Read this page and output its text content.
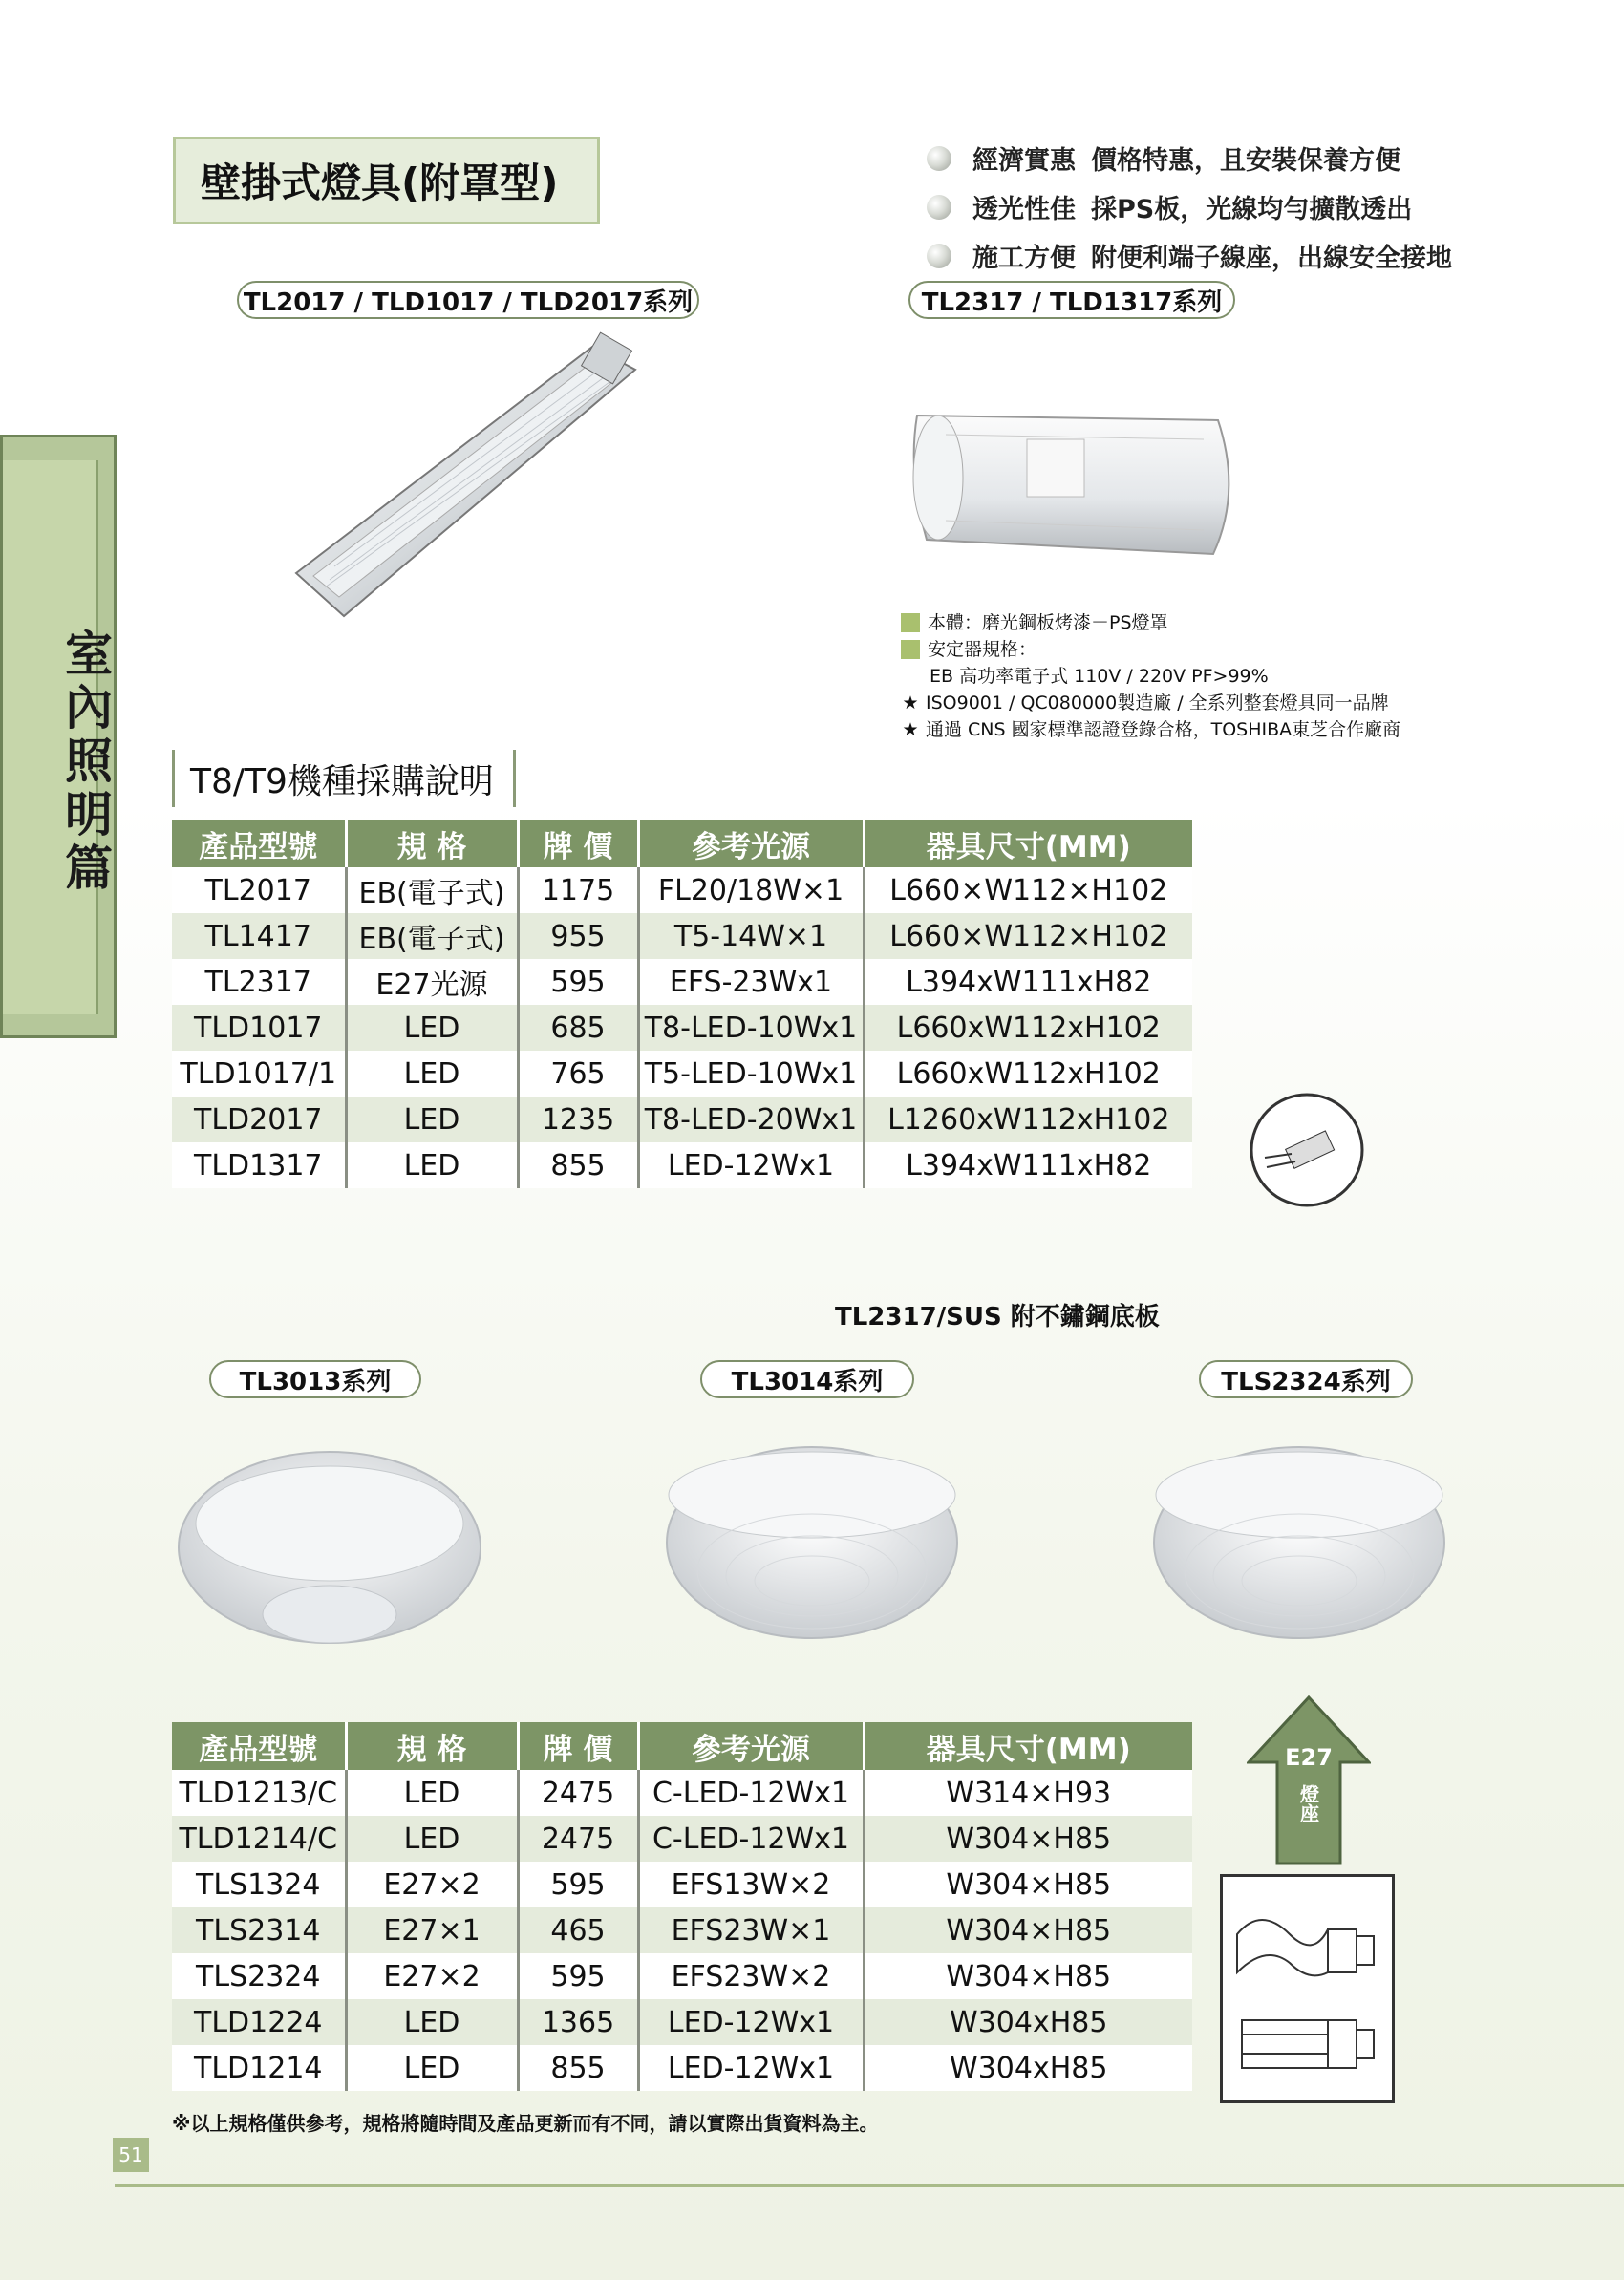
壁掛式燈具(附罩型)	經濟實惠 價格特惠，且安裝保養方便
透光性佳 採PS板，光線均勻擴散透出
施工方便 附便利端子線座，出線安全接地
TL2017 / TLD1017 / TLD2017系列	TL2317 / TLD1317系列
室內照明篇
本體：磨光鋼板烤漆＋PS燈罩
安定器規格：
EB 高功率電子式 110V / 220V PF>99%
★ ISO9001 / QC080000製造廠 / 全系列整套燈具同一品牌
★ 通過 CNS 國家標準認證登錄合格，TOSHIBA東芝合作廠商
T8/T9機種採購說明
產品型號	規 格	牌 價	參考光源	器具尺寸(MM)
TL2017	EB(電子式)	1175	FL20/18W×1	L660×W112×H102
TL1417	EB(電子式)	955	T5-14W×1	L660×W112×H102
TL2317	E27光源	595	EFS-23Wx1	L394xW111xH82
TLD1017	LED	685	T8-LED-10Wx1	L660xW112xH102
TLD1017/1	LED	765	T5-LED-10Wx1	L660xW112xH102
TLD2017	LED	1235	T8-LED-20Wx1	L1260xW112xH102
TLD1317	LED	855	LED-12Wx1	L394xW111xH82
TL2317/SUS 附不鏽鋼底板
TL3013系列	TL3014系列	TLS2324系列
產品型號	規 格	牌 價	參考光源	器具尺寸(MM)
TLD1213/C	LED	2475	C-LED-12Wx1	W314×H93
TLD1214/C	LED	2475	C-LED-12Wx1	W304×H85
TLS1324	E27×2	595	EFS13W×2	W304×H85
TLS2314	E27×1	465	EFS23W×1	W304×H85
TLS2324	E27×2	595	EFS23W×2	W304×H85
TLD1224	LED	1365	LED-12Wx1	W304xH85
TLD1214	LED	855	LED-12Wx1	W304xH85
E27
燈座
※以上規格僅供參考，規格將隨時間及產品更新而有不同，請以實際出貨資料為主。
51
